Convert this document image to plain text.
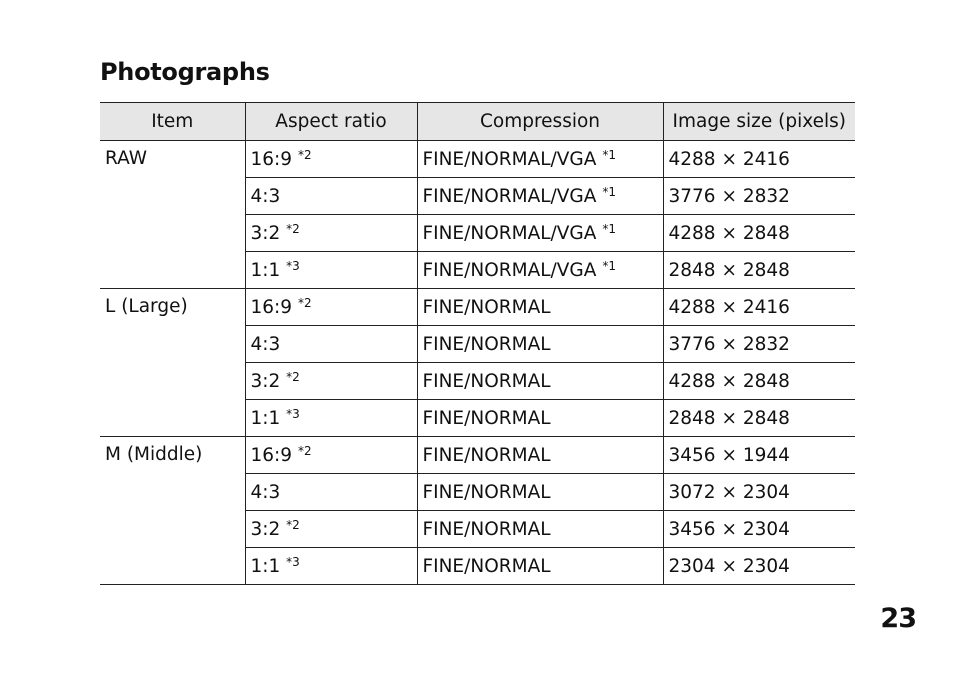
Photographs
Item	Aspect ratio	Compression	Image size (pixels)
RAW	16:9 $^{*2}$	FINE/NORMAL/VGA $^{*1}$	4288 × 2416
	4:3	FINE/NORMAL/VGA $^{*1}$	3776 × 2832
	3:2 $^{*2}$	FINE/NORMAL/VGA $^{*1}$	4288 × 2848
	1:1 $^{*3}$	FINE/NORMAL/VGA $^{*1}$	2848 × 2848
L (Large)	16:9 $^{*2}$	FINE/NORMAL	4288 × 2416
	4:3	FINE/NORMAL	3776 × 2832
	3:2 $^{*2}$	FINE/NORMAL	4288 × 2848
	1:1 $^{*3}$	FINE/NORMAL	2848 × 2848
M (Middle)	16:9 $^{*2}$	FINE/NORMAL	3456 × 1944
	4:3	FINE/NORMAL	3072 × 2304
	3:2 $^{*2}$	FINE/NORMAL	3456 × 2304
	1:1 $^{*3}$	FINE/NORMAL	2304 × 2304
23
